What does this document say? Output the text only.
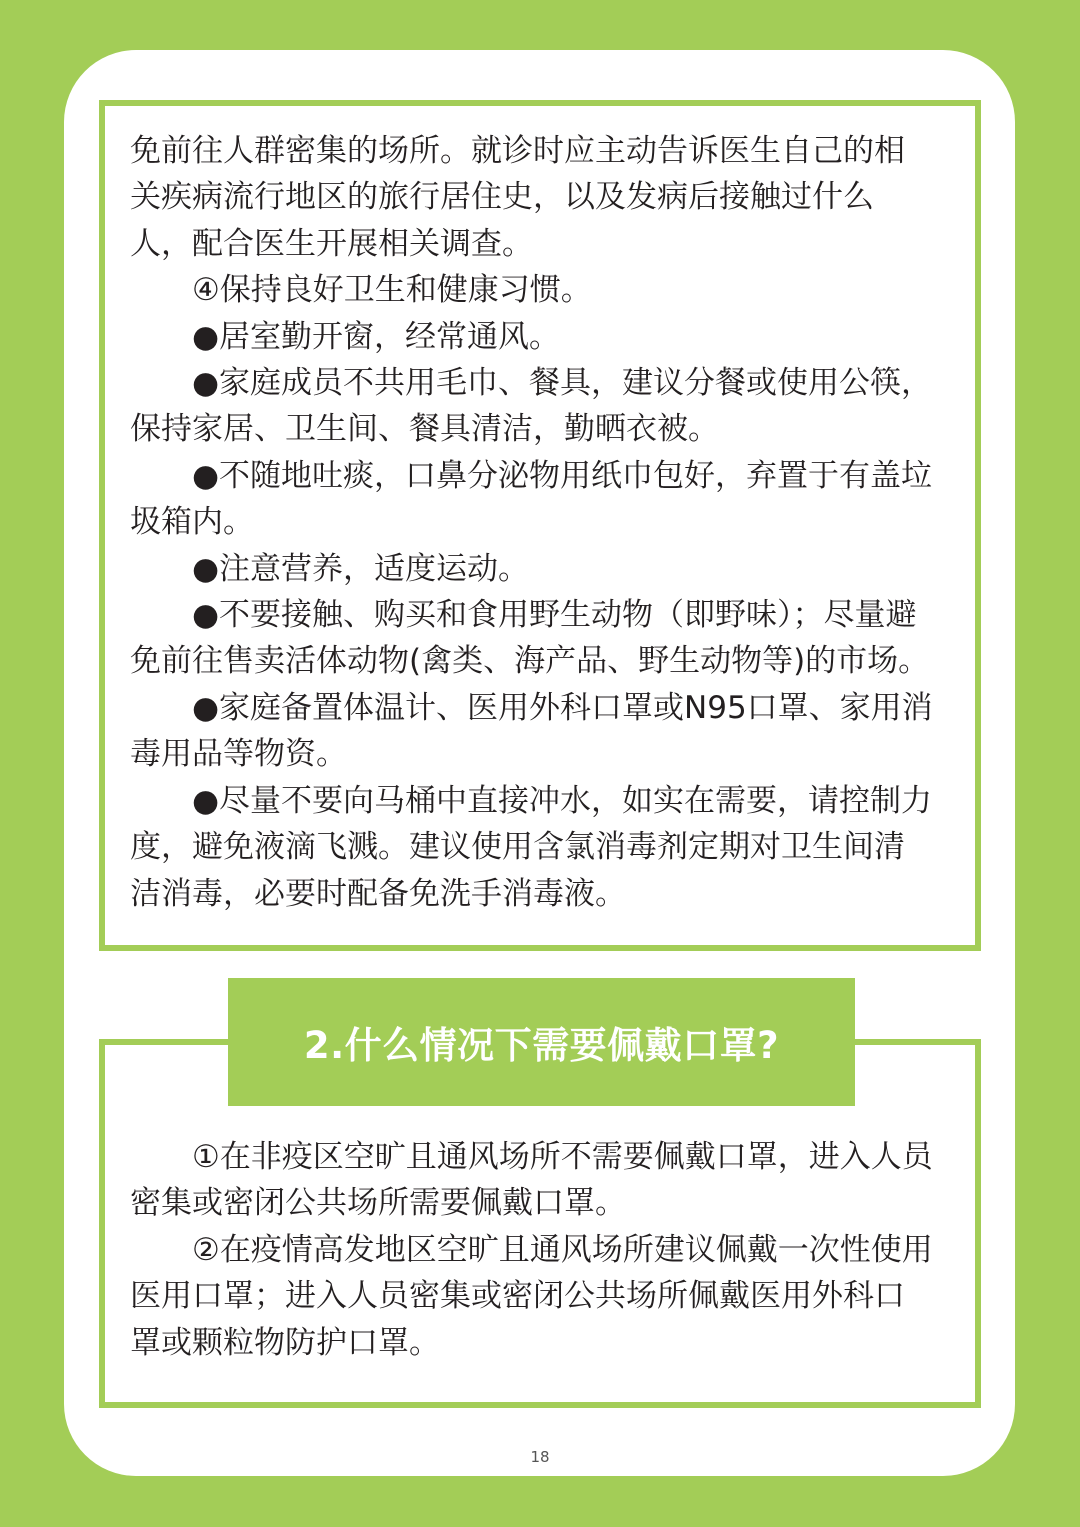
免前往人群密集的场所。就诊时应主动告诉医生自己的相

关疾病流行地区的旅行居住史，以及发病后接触过什么

人，配合医生开展相关调查。

④保持良好卫生和健康习惯。

●居室勤开窗，经常通风。

●家庭成员不共用毛巾、餐具，建议分餐或使用公筷，

保持家居、卫生间、餐具清洁，勤晒衣被。

●不随地吐痰，口鼻分泌物用纸巾包好，弃置于有盖垃

圾箱内。

●注意营养，适度运动。

●不要接触、购买和食用野生动物（即野味）；尽量避

免前往售卖活体动物(禽类、海产品、野生动物等)的市场。

●家庭备置体温计、医用外科口罩或N95口罩、家用消

毒用品等物资。

●尽量不要向马桶中直接冲水，如实在需要，请控制力

度，避免液滴飞溅。建议使用含氯消毒剂定期对卫生间清

洁消毒，必要时配备免洗手消毒液。

2.什么情况下需要佩戴口罩?

①在非疫区空旷且通风场所不需要佩戴口罩，进入人员

密集或密闭公共场所需要佩戴口罩。

②在疫情高发地区空旷且通风场所建议佩戴一次性使用

医用口罩；进入人员密集或密闭公共场所佩戴医用外科口

罩或颗粒物防护口罩。

18
